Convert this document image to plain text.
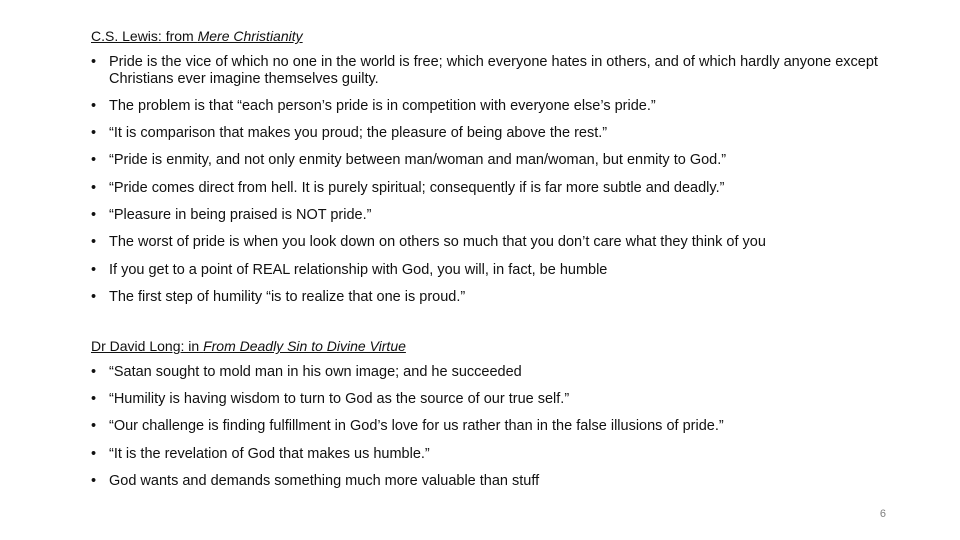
C.S. Lewis: from Mere Christianity
• Pride is the vice of which no one in the world is free; which everyone hates in others, and of which hardly anyone except Christians ever imagine themselves guilty.
• The problem is that “each person’s pride is in competition with everyone else’s pride.”
• “It is comparison that makes you proud; the pleasure of being above the rest.”
• “Pride is enmity, and not only enmity between man/woman and man/woman, but enmity to God.”
• “Pride comes direct from hell. It is purely spiritual; consequently if is far more subtle and deadly.”
• “Pleasure in being praised is NOT pride.”
• The worst of pride is when you look down on others so much that you don’t care what they think of you
• If you get to a point of REAL relationship with God, you will, in fact, be humble
• The first step of humility “is to realize that one is proud.”
Dr David Long: in From Deadly Sin to Divine Virtue
• “Satan sought to mold man in his own image; and he succeeded
• “Humility is having wisdom to turn to God as the source of our true self.”
• “Our challenge is finding fulfillment in God’s love for us rather than in the false illusions of pride.”
• “It is the revelation of God that makes us humble.”
• God wants and demands something much more valuable than stuff
6
